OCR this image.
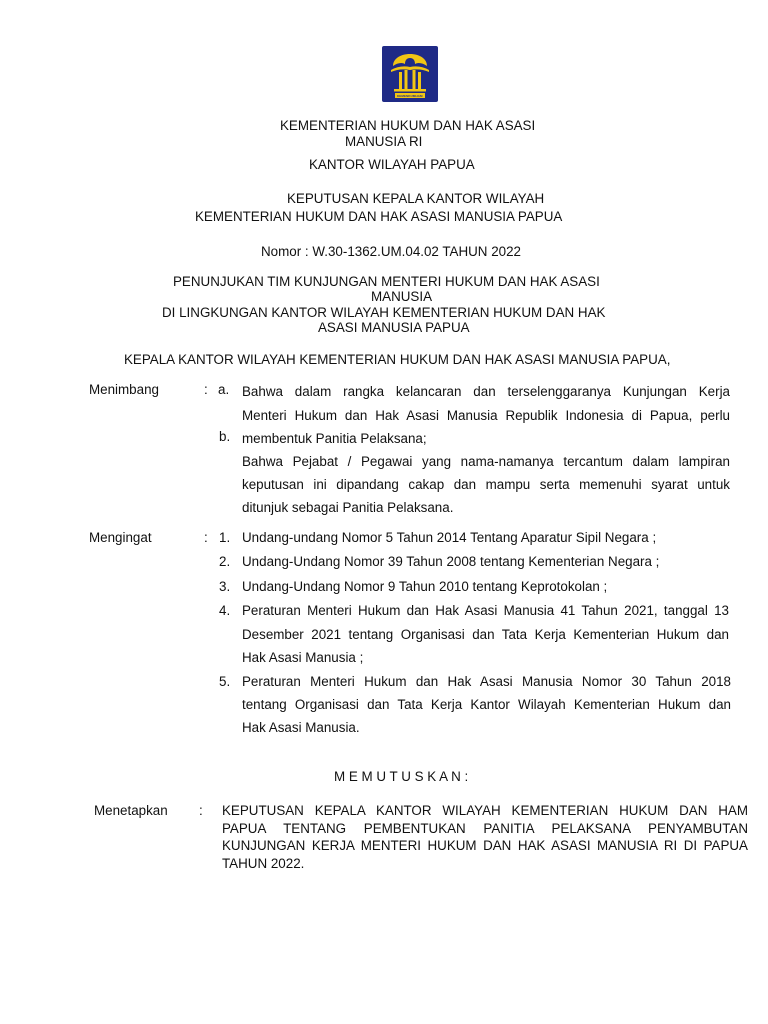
KEMENKUMHAM
KEMENTERIAN HUKUM DAN HAK ASASI
MANUSIA RI
KANTOR WILAYAH PAPUA
KEPUTUSAN KEPALA KANTOR WILAYAH
KEMENTERIAN HUKUM DAN HAK ASASI MANUSIA PAPUA
Nomor : W.30-1362.UM.04.02 TAHUN 2022
PENUNJUKAN TIM KUNJUNGAN MENTERI HUKUM DAN HAK ASASI
MANUSIA
DI LINGKUNGAN KANTOR WILAYAH KEMENTERIAN HUKUM DAN HAK
ASASI MANUSIA PAPUA
KEPALA KANTOR WILAYAH KEMENTERIAN HUKUM DAN HAK ASASI MANUSIA PAPUA,
Menimbang	: a.
b.
Bahwa dalam rangka kelancaran dan terselenggaranya Kunjungan Kerja
Menteri Hukum dan Hak Asasi Manusia Republik Indonesia di Papua, perlu
membentuk Panitia Pelaksana;
Bahwa Pejabat / Pegawai yang nama-namanya tercantum dalam lampiran
keputusan ini dipandang cakap dan mampu serta memenuhi syarat untuk
ditunjuk sebagai Panitia Pelaksana.
Mengingat	: 1. Undang-undang Nomor 5 Tahun 2014 Tentang Aparatur Sipil Negara ;
2. Undang-Undang Nomor 39 Tahun 2008 tentang Kementerian Negara ;
3. Undang-Undang Nomor 9 Tahun 2010 tentang Keprotokolan ;
4. Peraturan Menteri Hukum dan Hak Asasi Manusia 41 Tahun 2021, tanggal 13
Desember 2021 tentang Organisasi dan Tata Kerja Kementerian Hukum dan
Hak Asasi Manusia ;
5. Peraturan Menteri Hukum dan Hak Asasi Manusia Nomor 30 Tahun 2018
tentang Organisasi dan Tata Kerja Kantor Wilayah Kementerian Hukum dan
Hak Asasi Manusia.
M E M U T U S K A N :
Menetapkan : KEPUTUSAN KEPALA KANTOR WILAYAH KEMENTERIAN HUKUM DAN HAM
PAPUA TENTANG PEMBENTUKAN PANITIA PELAKSANA PENYAMBUTAN
KUNJUNGAN KERJA MENTERI HUKUM DAN HAK ASASI MANUSIA RI DI PAPUA
TAHUN 2022.
